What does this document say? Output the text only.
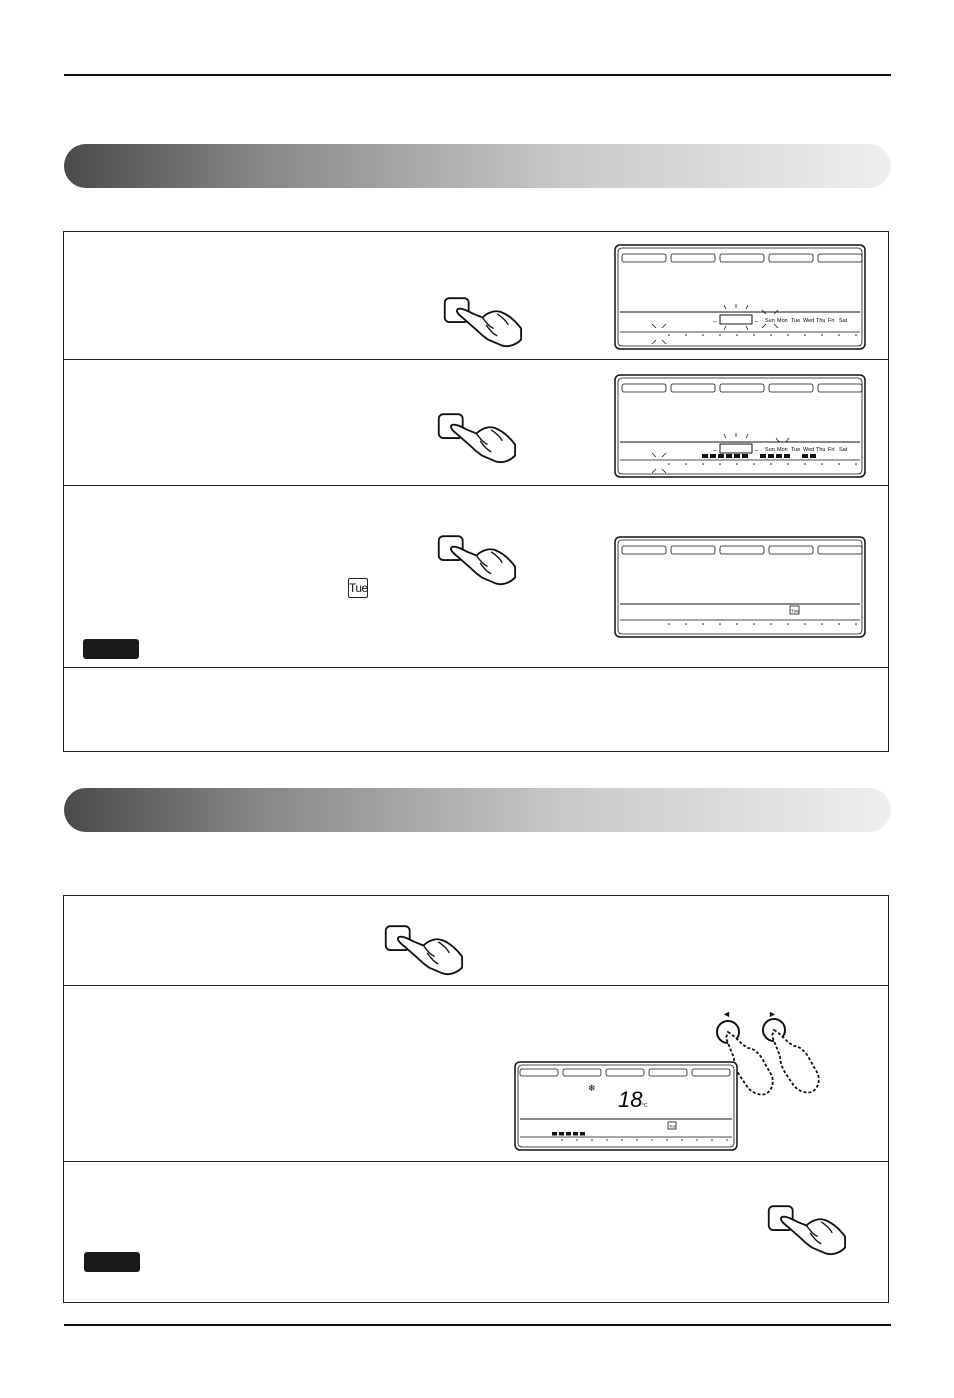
Tue
–	– Sun Mon Tue Wed Thu Fri Sat
–	– Sun Mon Tue Wed Thu Fri Sat
Tue
◄	►
❄ 18 °C
Tue
